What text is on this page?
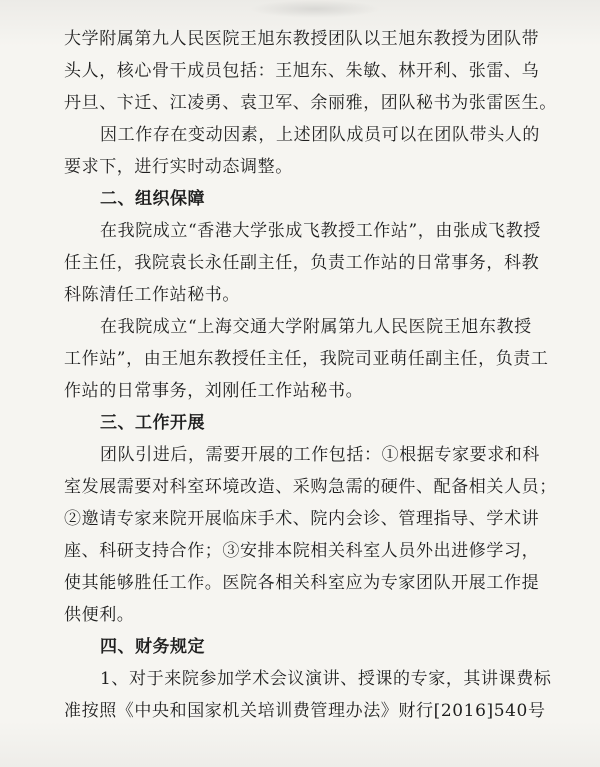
大学附属第九人民医院王旭东教授团队以王旭东教授为团队带
头人，核心骨干成员包括：王旭东、朱敏、林开利、张雷、乌
丹旦、卞迁、江凌勇、袁卫军、余丽雅，团队秘书为张雷医生。
因工作存在变动因素，上述团队成员可以在团队带头人的
要求下，进行实时动态调整。
二、组织保障
在我院成立“香港大学张成飞教授工作站”，由张成飞教授
任主任，我院袁长永任副主任，负责工作站的日常事务，科教
科陈清任工作站秘书。
在我院成立“上海交通大学附属第九人民医院王旭东教授
工作站”，由王旭东教授任主任，我院司亚萌任副主任，负责工
作站的日常事务，刘刚任工作站秘书。
三、工作开展
团队引进后，需要开展的工作包括：①根据专家要求和科
室发展需要对科室环境改造、采购急需的硬件、配备相关人员；
②邀请专家来院开展临床手术、院内会诊、管理指导、学术讲
座、科研支持合作；③安排本院相关科室人员外出进修学习，
使其能够胜任工作。医院各相关科室应为专家团队开展工作提
供便利。
四、财务规定
1、对于来院参加学术会议演讲、授课的专家，其讲课费标
准按照《中央和国家机关培训费管理办法》财行[2016]540号
